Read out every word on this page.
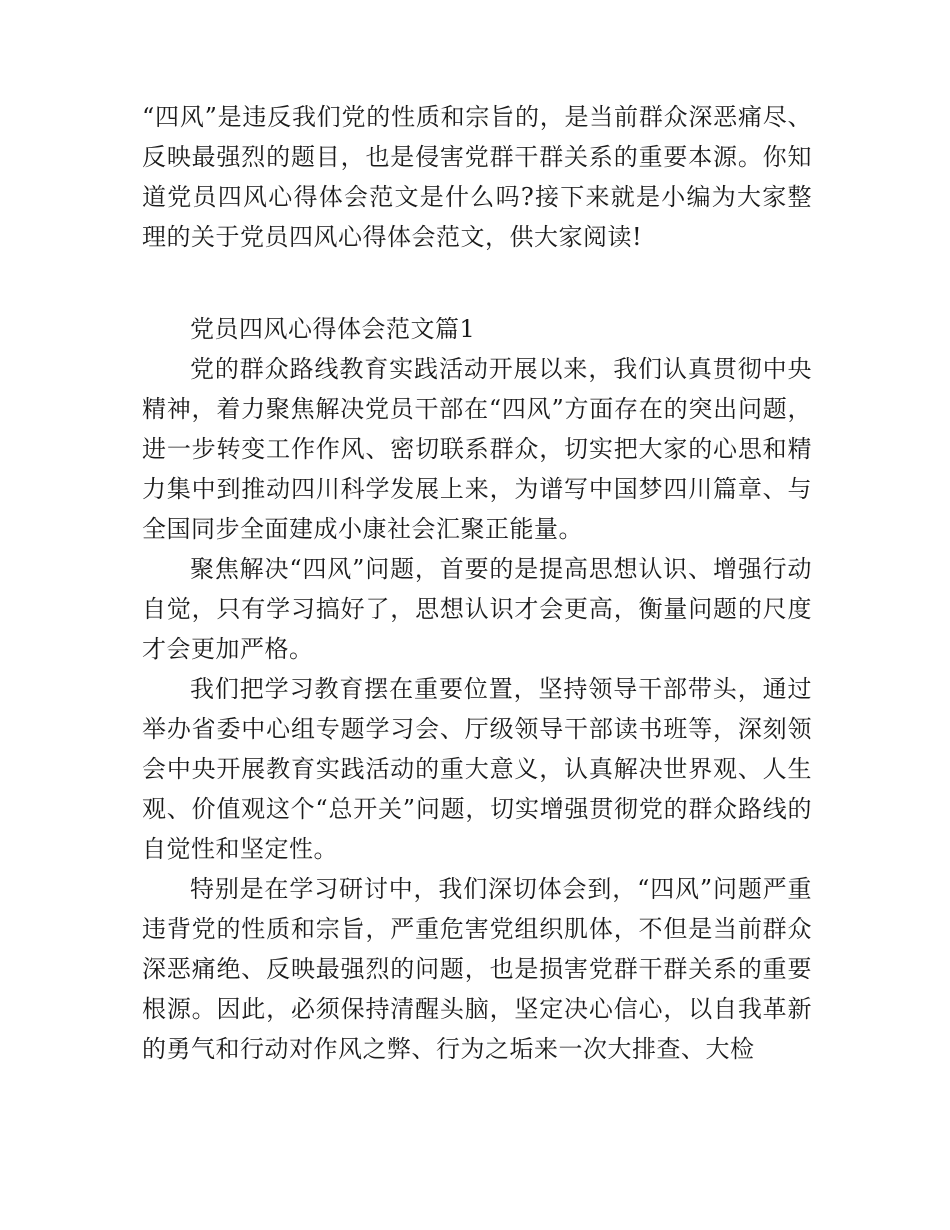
“四风”是违反我们党的性质和宗旨的，是当前群众深恶痛尽、反映最强烈的题目，也是侵害党群干群关系的重要本源。你知道党员四风心得体会范文是什么吗?接下来就是小编为大家整理的关于党员四风心得体会范文，供大家阅读!

党员四风心得体会范文篇1

党的群众路线教育实践活动开展以来，我们认真贯彻中央精神，着力聚焦解决党员干部在“四风”方面存在的突出问题，进一步转变工作作风、密切联系群众，切实把大家的心思和精力集中到推动四川科学发展上来，为谱写中国梦四川篇章、与全国同步全面建成小康社会汇聚正能量。

聚焦解决“四风”问题，首要的是提高思想认识、增强行动自觉，只有学习搞好了，思想认识才会更高，衡量问题的尺度才会更加严格。

我们把学习教育摆在重要位置，坚持领导干部带头，通过举办省委中心组专题学习会、厅级领导干部读书班等，深刻领会中央开展教育实践活动的重大意义，认真解决世界观、人生观、价值观这个“总开关”问题，切实增强贯彻党的群众路线的自觉性和坚定性。

特别是在学习研讨中，我们深切体会到，“四风”问题严重违背党的性质和宗旨，严重危害党组织肌体，不但是当前群众深恶痛绝、反映最强烈的问题，也是损害党群干群关系的重要根源。因此，必须保持清醒头脑，坚定决心信心，以自我革新的勇气和行动对作风之弊、行为之垢来一次大排查、大检
